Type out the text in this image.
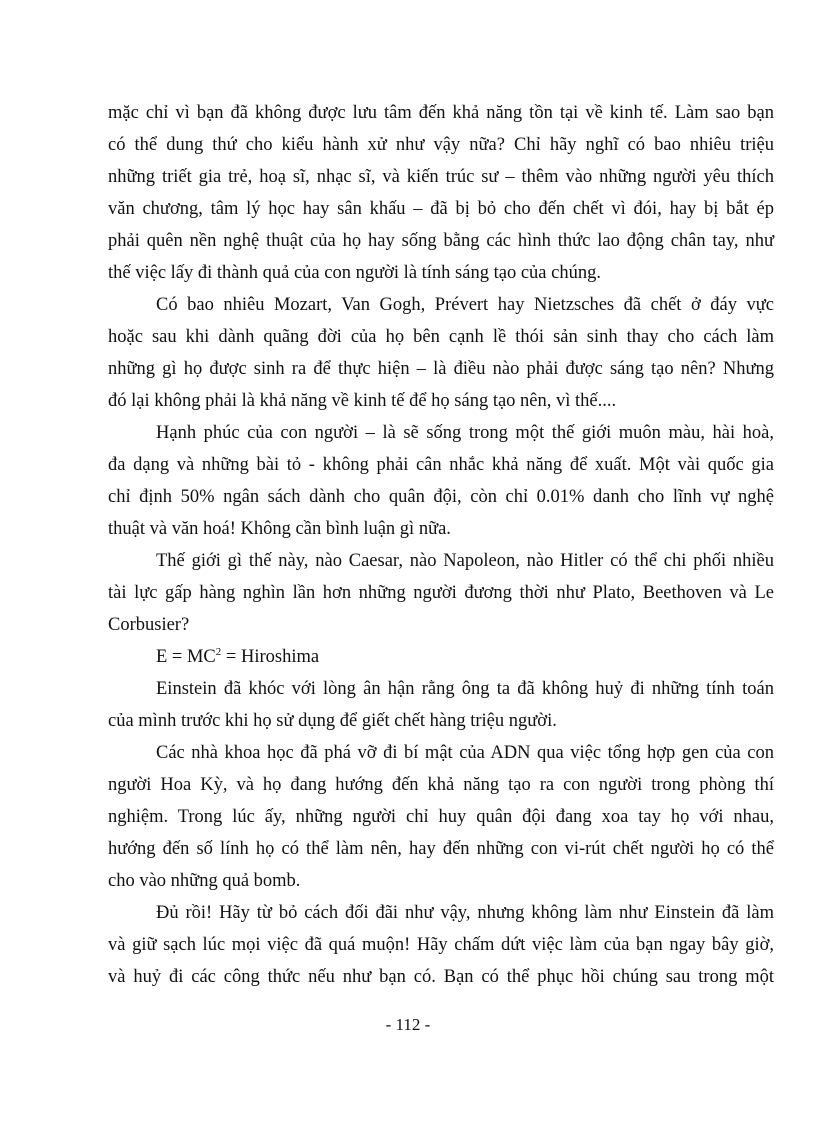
mặc chỉ vì bạn đã không được lưu tâm đến khả năng tồn tại về kinh tế. Làm sao bạn
có thể dung thứ cho kiểu hành xử như vậy nữa? Chỉ hãy nghĩ có bao nhiêu triệu
những triết gia trẻ, hoạ sĩ, nhạc sĩ, và kiến trúc sư – thêm vào những người yêu thích
văn chương, tâm lý học hay sân khấu – đã bị bỏ cho đến chết vì đói, hay bị bắt ép
phải quên nền nghệ thuật của họ hay sống bằng các hình thức lao động chân tay, như
thế việc lấy đi thành quả của con người là tính sáng tạo của chúng.
Có bao nhiêu Mozart, Van Gogh, Prévert hay Nietzsches đã chết ở đáy vực
hoặc sau khi dành quãng đời của họ bên cạnh lề thói sản sinh thay cho cách làm
những gì họ được sinh ra để thực hiện – là điều nào phải được sáng tạo nên? Nhưng
đó lại không phải là khả năng về kinh tế để họ sáng tạo nên, vì thế....
Hạnh phúc của con người – là sẽ sống trong một thế giới muôn màu, hài hoà,
đa dạng và những bài tỏ - không phải cân nhắc khả năng để xuất. Một vài quốc gia
chỉ định 50% ngân sách dành cho quân đội, còn chỉ 0.01% danh cho lĩnh vự nghệ
thuật và văn hoá! Không cần bình luận gì nữa.
Thế giới gì thế này, nào Caesar, nào Napoleon, nào Hitler có thể chi phối nhiều
tài lực gấp hàng nghìn lần hơn những người đương thời như Plato, Beethoven và Le
Corbusier?
$E = MC^2$ = Hiroshima
Einstein đã khóc với lòng ân hận rằng ông ta đã không huỷ đi những tính toán
của mình trước khi họ sử dụng để giết chết hàng triệu người.
Các nhà khoa học đã phá vỡ đi bí mật của ADN qua việc tổng hợp gen của con
người Hoa Kỳ, và họ đang hướng đến khả năng tạo ra con người trong phòng thí
nghiệm. Trong lúc ấy, những người chỉ huy quân đội đang xoa tay họ với nhau,
hướng đến số lính họ có thể làm nên, hay đến những con vi-rút chết người họ có thể
cho vào những quả bomb.
Đủ rồi! Hãy từ bỏ cách đối đãi như vậy, nhưng không làm như Einstein đã làm
và giữ sạch lúc mọi việc đã quá muộn! Hãy chấm dứt việc làm của bạn ngay bây giờ,
và huỷ đi các công thức nếu như bạn có. Bạn có thể phục hồi chúng sau trong một
- 112 -
